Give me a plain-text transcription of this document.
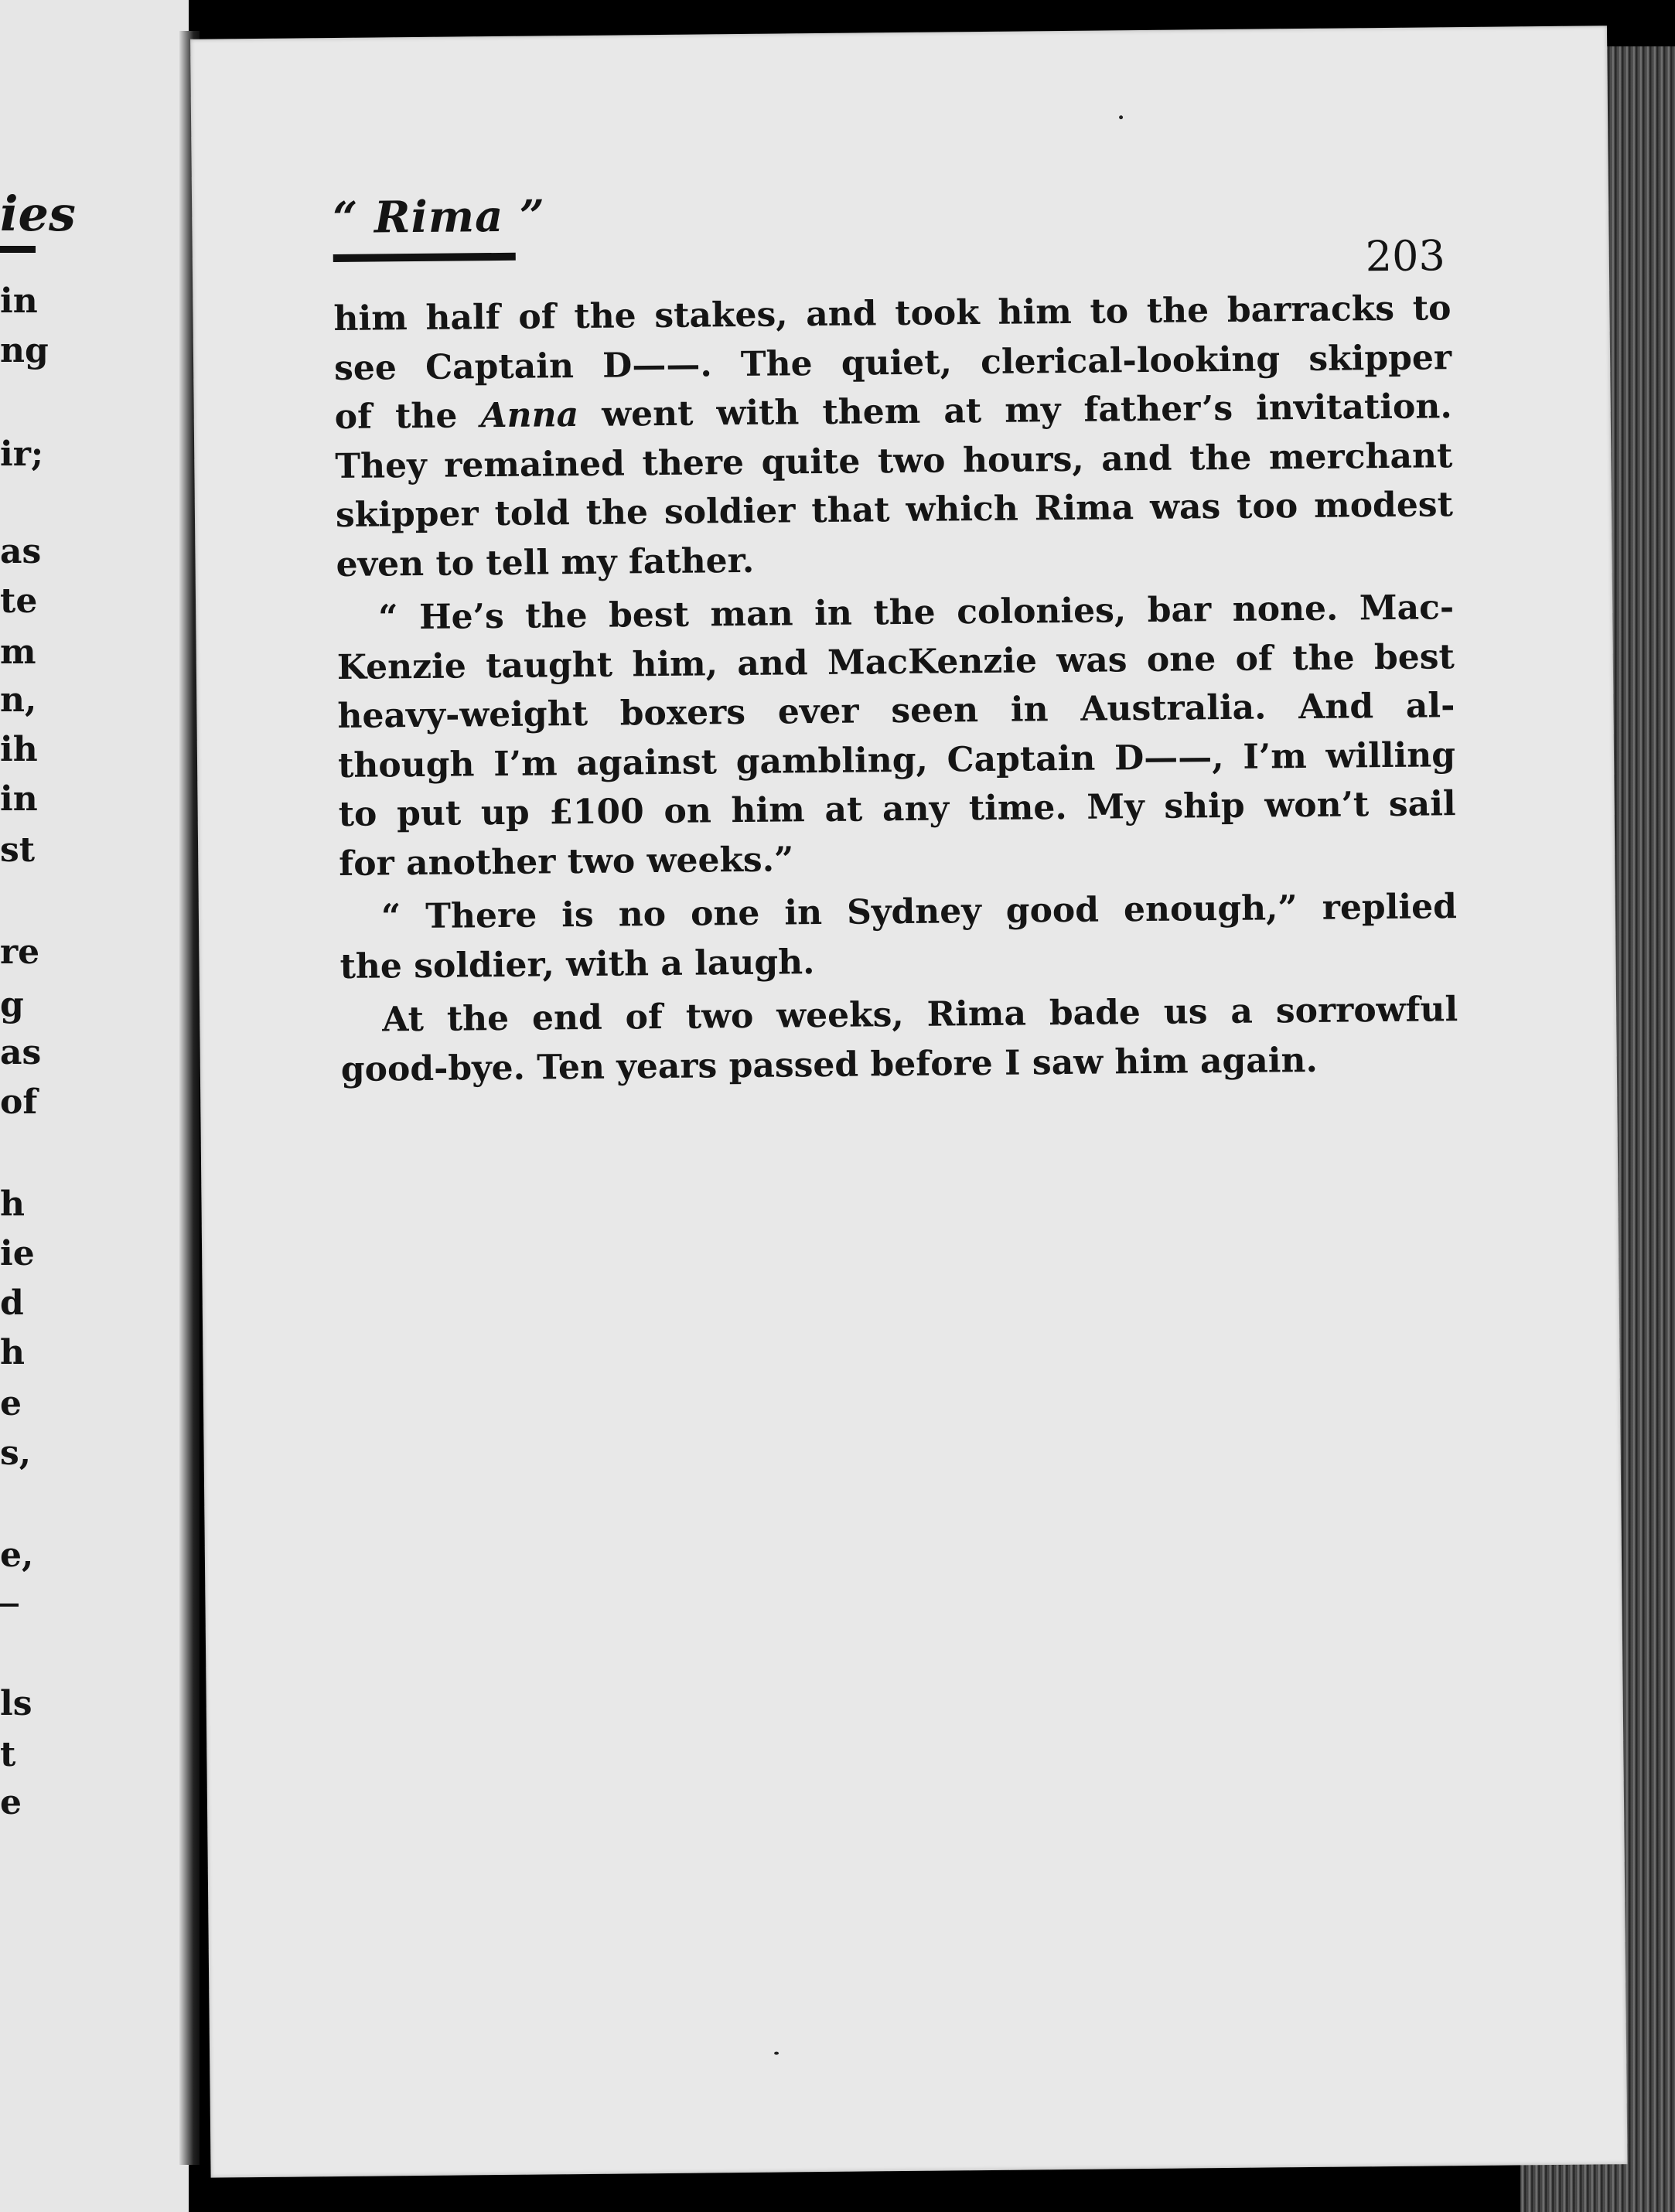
ies
in
ng
ir;
as
te
m
n,
ih
in
st
re
g
as
of
h
ie
d
h
e
s,
e,
ls
t
e
“ Rima ”
203
him half of the stakes, and took him to the barracks to
see Captain D——. The quiet, clerical-looking skipper
of the Anna went with them at my father’s invitation.
They remained there quite two hours, and the merchant
skipper told the soldier that which Rima was too modest
even to tell my father.
“ He’s the best man in the colonies, bar none. Mac-
Kenzie taught him, and MacKenzie was one of the best
heavy-weight boxers ever seen in Australia. And al-
though I’m against gambling, Captain D——, I’m willing
to put up £100 on him at any time. My ship won’t sail
for another two weeks.”
“ There is no one in Sydney good enough,” replied
the soldier, with a laugh.
At the end of two weeks, Rima bade us a sorrowful
good-bye. Ten years passed before I saw him again.
